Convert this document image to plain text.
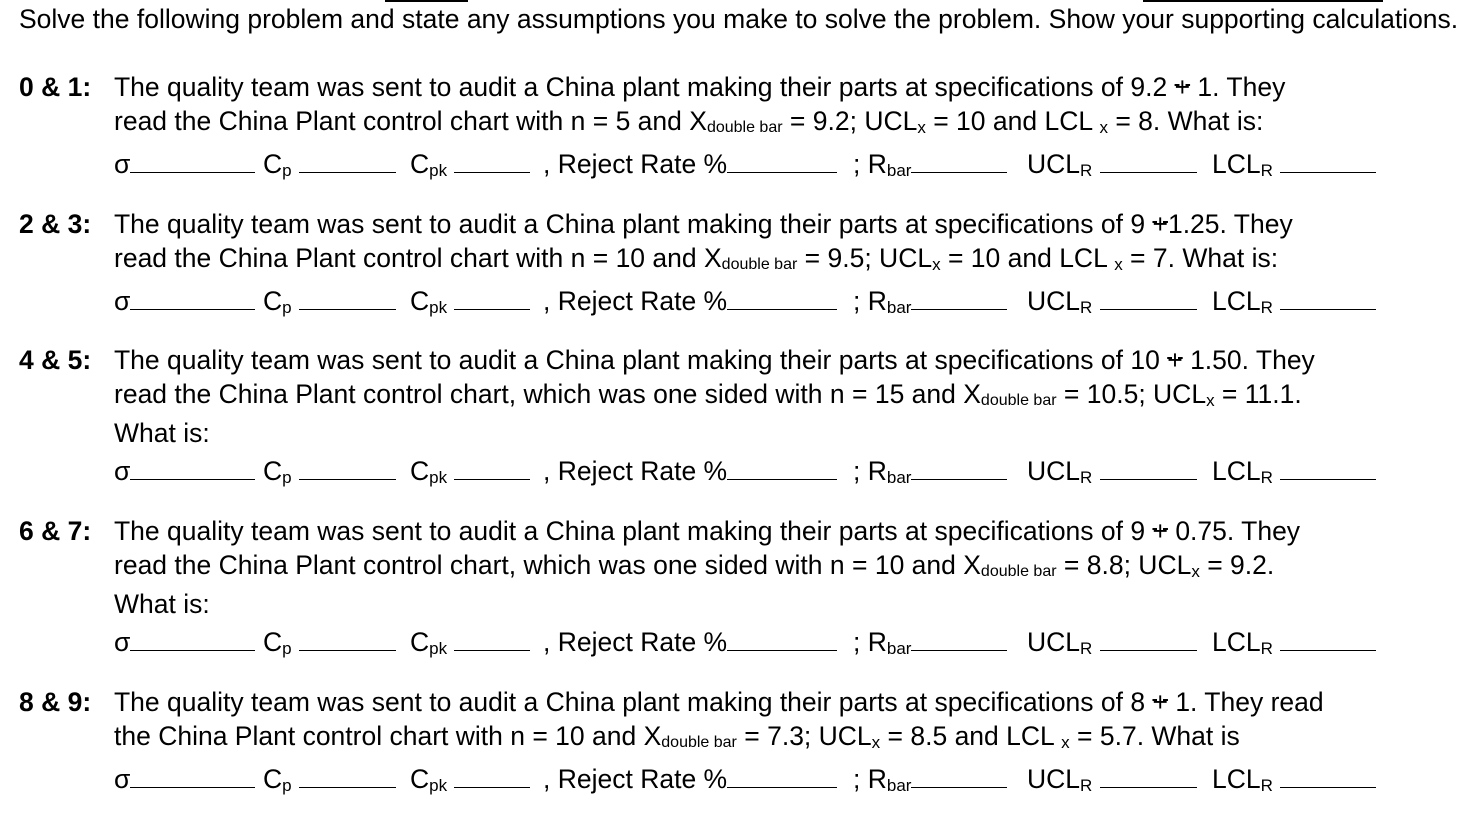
Solve the following problem and state any assumptions you make to solve the problem. Show your supporting calculations.
0 & 1: The quality team was sent to audit a China plant making their parts at specifications of 9.2 + 1. They
read the China Plant control chart with n = 5 and Xdouble bar = 9.2; UCLx = 10 and LCL x = 8. What is:
σ	Cp	Cpk	, Reject Rate %	; Rbar	UCLR	LCLR
2 & 3: The quality team was sent to audit a China plant making their parts at specifications of 9 +1.25. They
read the China Plant control chart with n = 10 and Xdouble bar = 9.5; UCLx = 10 and LCL x = 7. What is:
σ	Cp	Cpk	, Reject Rate %	; Rbar	UCLR	LCLR
4 & 5: The quality team was sent to audit a China plant making their parts at specifications of 10 + 1.50. They
read the China Plant control chart, which was one sided with n = 15 and Xdouble bar = 10.5; UCLx = 11.1.
What is:
σ	Cp	Cpk	, Reject Rate %	; Rbar	UCLR	LCLR
6 & 7: The quality team was sent to audit a China plant making their parts at specifications of 9 + 0.75. They
read the China Plant control chart, which was one sided with n = 10 and Xdouble bar = 8.8; UCLx = 9.2.
What is:
σ	Cp	Cpk	, Reject Rate %	; Rbar	UCLR	LCLR
8 & 9: The quality team was sent to audit a China plant making their parts at specifications of 8 + 1. They read
the China Plant control chart with n = 10 and Xdouble bar = 7.3; UCLx = 8.5 and LCL x = 5.7. What is
σ	Cp	Cpk	, Reject Rate %	; Rbar	UCLR	LCLR
